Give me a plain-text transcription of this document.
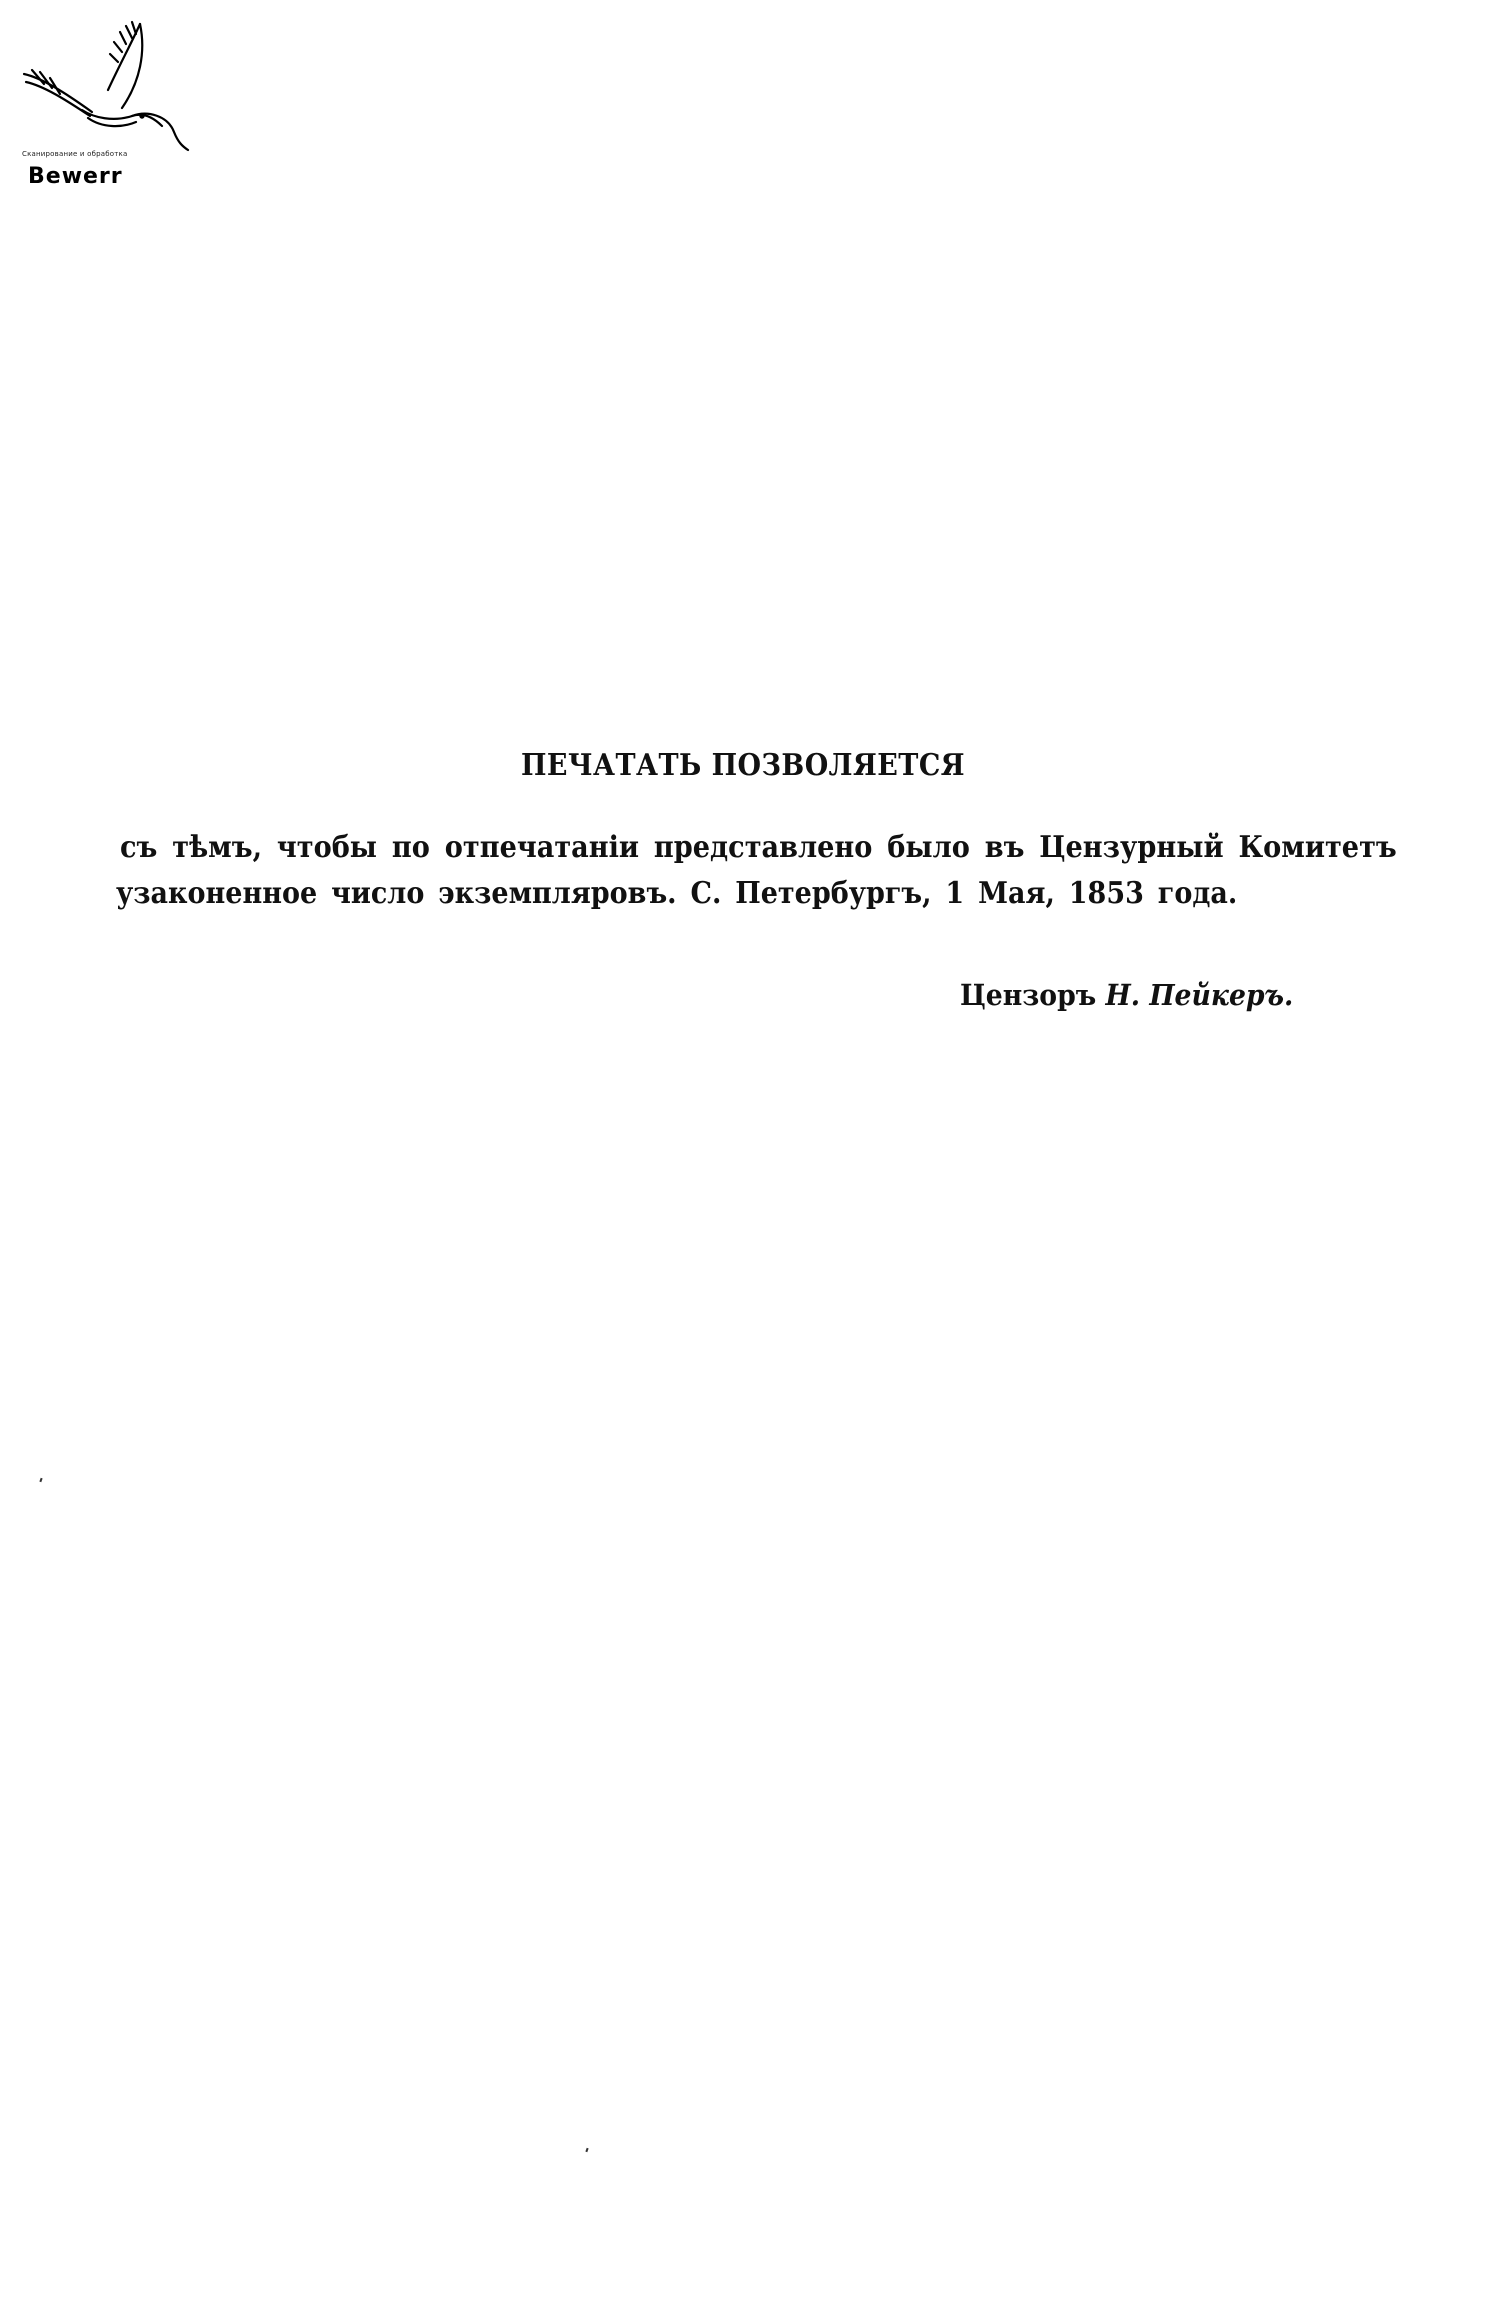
Сканирование и обработка
Bewerr
ПЕЧАТАТЬ ПОЗВОЛЯЕТСЯ
съ тѣмъ, чтобы по отпечатаніи представлено было въ Цензурный Комитетъ
узаконенное число экземпляровъ. С. Петербургъ, 1 Мая, 1853 года.
Цензоръ Н. Пейкеръ.
